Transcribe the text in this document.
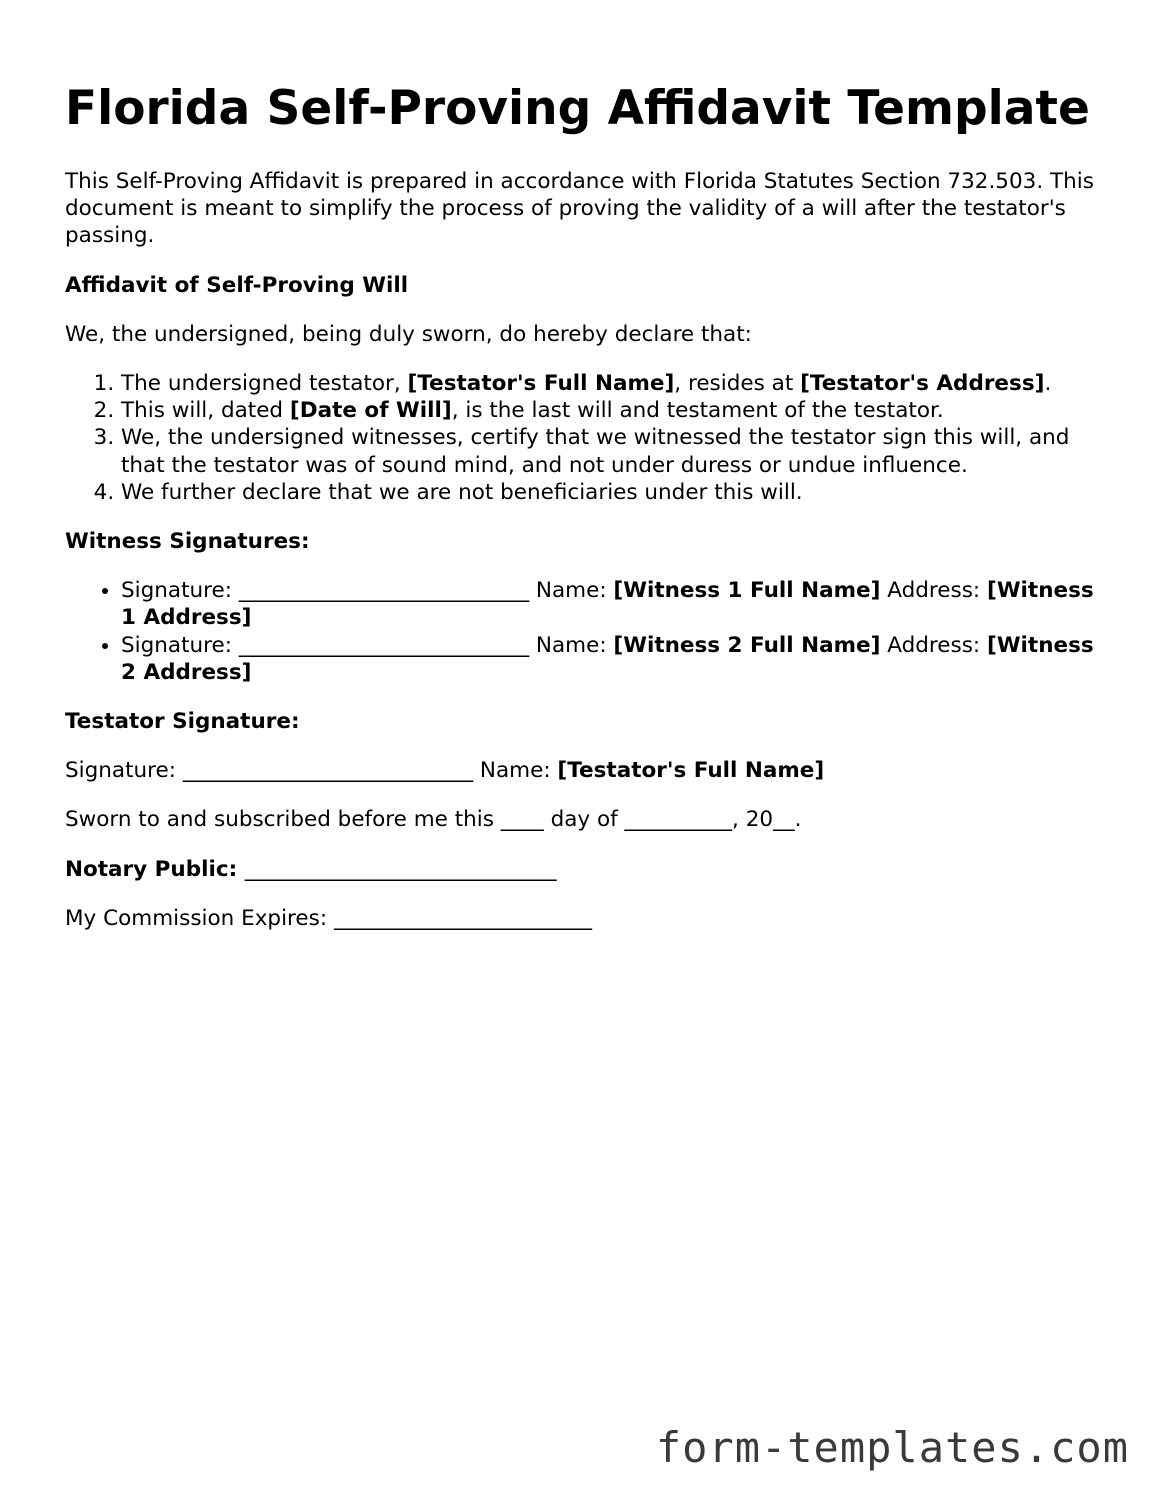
Florida Self-Proving Affidavit Template

This Self-Proving Affidavit is prepared in accordance with Florida Statutes Section 732.503. This document is meant to simplify the process of proving the validity of a will after the testator's passing.

Affidavit of Self-Proving Will

We, the undersigned, being duly sworn, do hereby declare that:

1. The undersigned testator, [Testator's Full Name], resides at [Testator's Address].
2. This will, dated [Date of Will], is the last will and testament of the testator.
3. We, the undersigned witnesses, certify that we witnessed the testator sign this will, and that the testator was of sound mind, and not under duress or undue influence.
4. We further declare that we are not beneficiaries under this will.
Witness Signatures:
• Signature: ___________________________ Name: [Witness 1 Full Name] Address: [Witness 1 Address]
• Signature: ___________________________ Name: [Witness 2 Full Name] Address: [Witness 2 Address]
Testator Signature:

Signature: ___________________________ Name: [Testator's Full Name]

Sworn to and subscribed before me this ____ day of __________, 20__.

Notary Public: _____________________________

My Commission Expires: ________________________

form-templates.com
